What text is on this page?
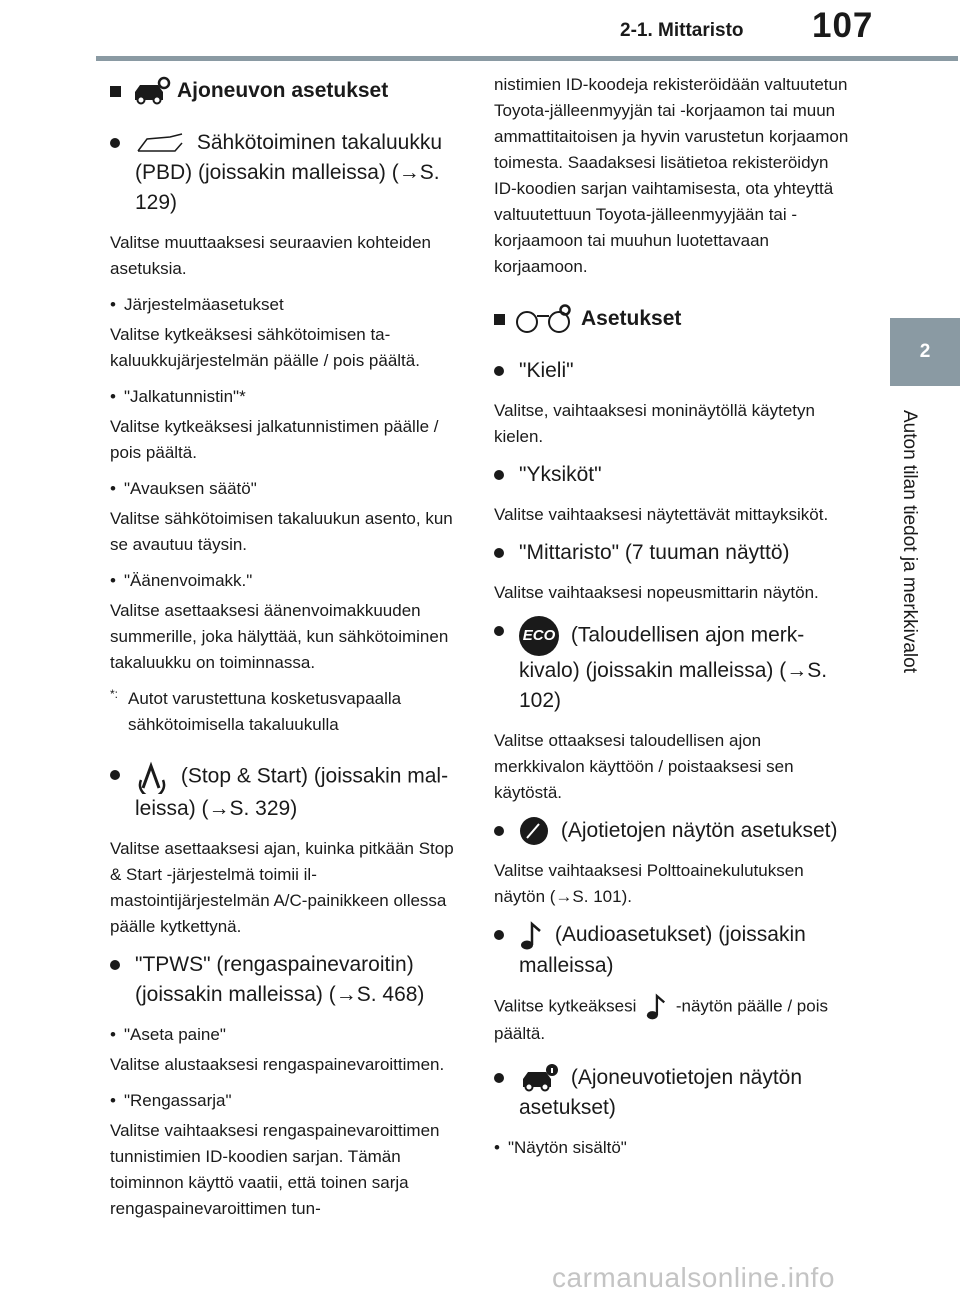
2-1. Mittaristo 107
2
Auton tilan tiedot ja merkkivalot
Ajoneuvon asetukset
Sähkötoiminen takaluukku (PBD) (joissakin malleissa) (→S. 129)

Valitse muuttaaksesi seuraavien kohteiden asetuksia.

• Järjestelmäasetukset

Valitse kytkeäksesi sähkötoimisen takaluukkujärjestelmän päälle / pois päältä.

• "Jalkatunnistin"*

Valitse kytkeäksesi jalkatunnistimen päälle / pois päältä.

• "Avauksen säätö"

Valitse sähkötoimisen takaluukun asento, kun se avautuu täysin.

• "Äänenvoimakk."

Valitse asettaaksesi äänenvoimakkuuden summerille, joka hälyttää, kun sähkötoiminen takaluukku on toiminnassa.

*: Autot varustettuna kosketusvapaalla sähkötoimisella takaluukulla

(Stop & Start) (joissakin malleissa) (→S. 329)

Valitse asettaaksesi ajan, kuinka pitkään Stop & Start -järjestelmä toimii ilmastointijärjestelmän A/C-painikkeen ollessa päälle kytkettynä.

"TPWS" (rengaspainevaroitin) (joissakin malleissa) (→S. 468)

• "Aseta paine"

Valitse alustaaksesi rengaspainevaroittimen.

• "Rengassarja"

Valitse vaihtaaksesi rengaspainevaroittimen tunnistimien ID-koodien sarjan. Tämän toiminnon käyttö vaatii, että toinen sarja rengaspainevaroittimen tun-

nistimien ID-koodeja rekisteröidään valtuutetun Toyota-jälleenmyyjän tai -korjaamon tai muun ammattitaitoisen ja hyvin varustetun korjaamon toimesta. Saadaksesi lisätietoa rekisteröidyn ID-koodien sarjan vaihtamisesta, ota yhteyttä valtuutettuun Toyota-jälleenmyyjään tai -korjaamoon tai muuhun luotettavaan korjaamoon.

Asetukset
"Kieli"

Valitse, vaihtaaksesi moninäytöllä käytetyn kielen.

"Yksiköt"

Valitse vaihtaaksesi näytettävät mittayksiköt.

"Mittaristo" (7 tuuman näyttö)

Valitse vaihtaaksesi nopeusmittarin näytön.

ECO (Taloudellisen ajon merkkivalo) (joissakin malleissa) (→S. 102)

Valitse ottaaksesi taloudellisen ajon merkkivalon käyttöön / poistaaksesi sen käytöstä.

(Ajotietojen näytön asetukset)

Valitse vaihtaaksesi Polttoainekulutuksen näytön (→S. 101).

(Audioasetukset) (joissakin malleissa)

Valitse kytkeäksesi -näytön päälle / pois päältä.

(Ajoneuvotietojen näytön asetukset)

• "Näytön sisältö"

carmanualsonline.info
